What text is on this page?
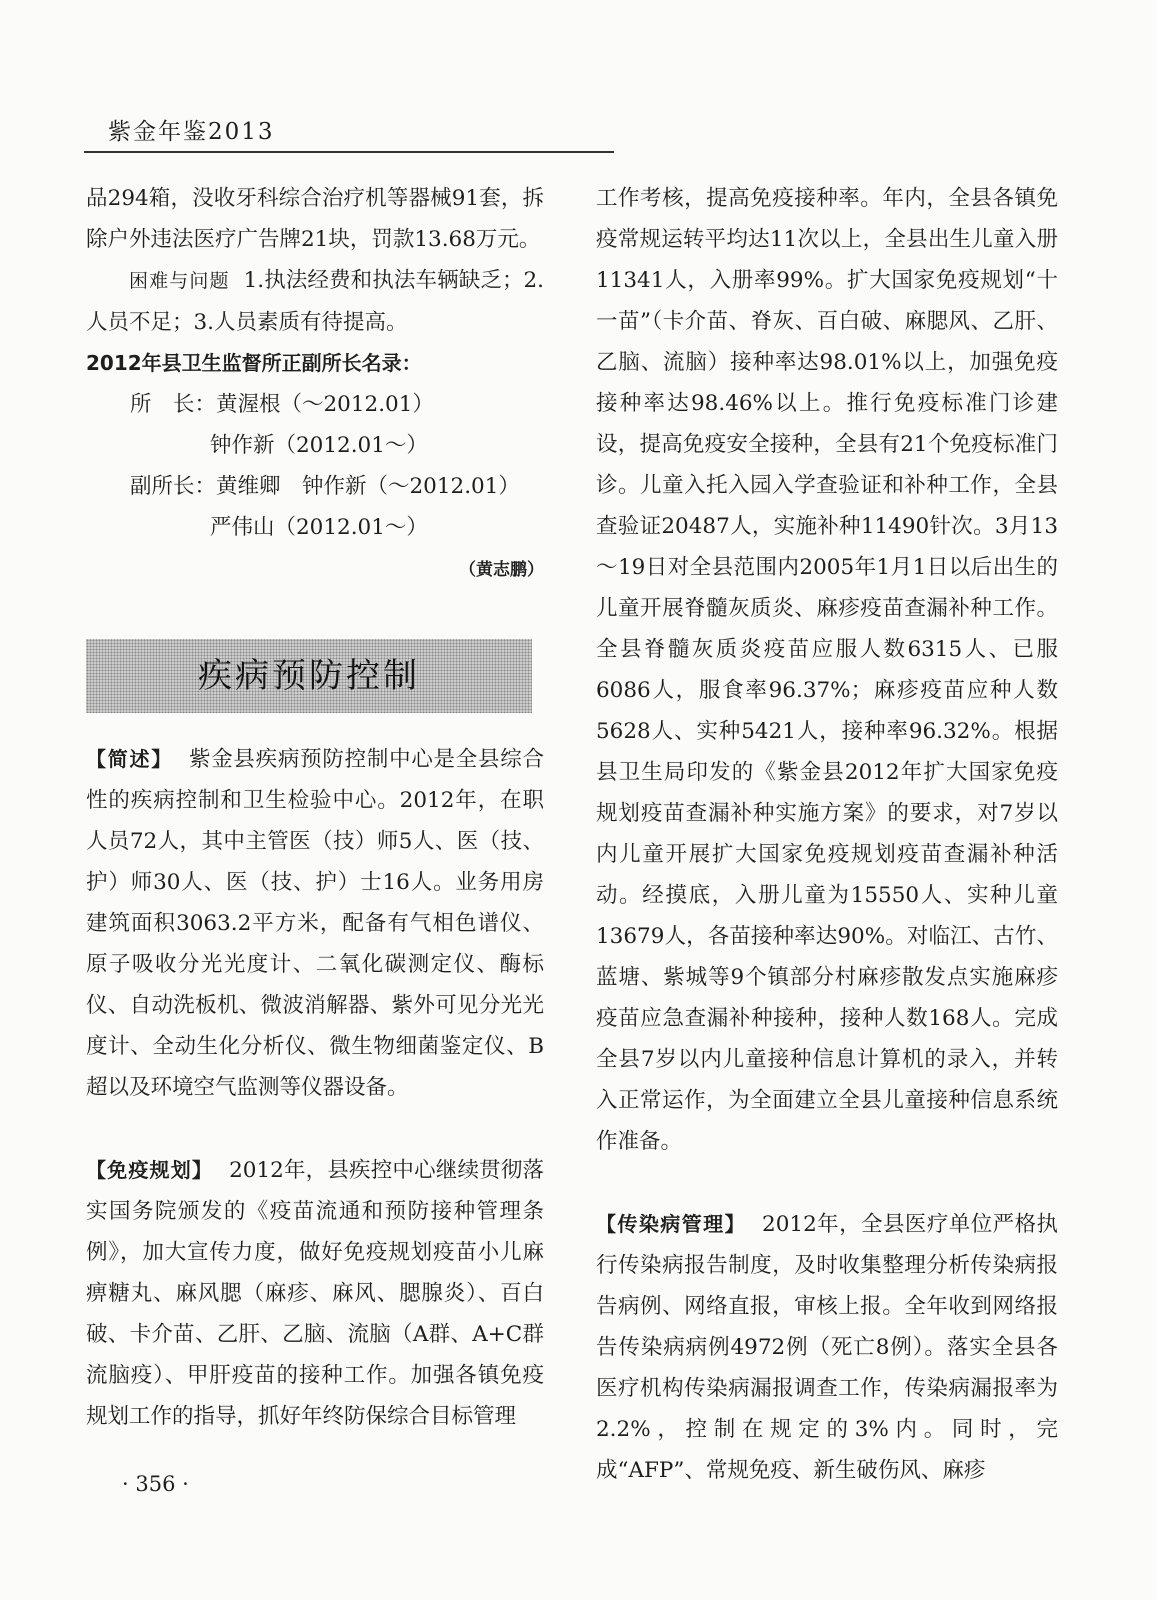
紫金年鉴2013

品294箱，没收牙科综合治疗机等器械91套，拆除户外违法医疗广告牌21块，罚款13.68万元。

困难与问题 1.执法经费和执法车辆缺乏；2.人员不足；3.人员素质有待提高。

2012年县卫生监督所正副所长名录：

所　长：黄渥根（～2012.01）

钟作新（2012.01～）

副所长：黄维卿　钟作新（～2012.01）

严伟山（2012.01～）

（黄志鹏）

疾病预防控制

【简述】 紫金县疾病预防控制中心是全县综合性的疾病控制和卫生检验中心。2012年，在职人员72人，其中主管医（技）师5人、医（技、护）师30人、医（技、护）士16人。业务用房建筑面积3063.2平方米，配备有气相色谱仪、原子吸收分光光度计、二氧化碳测定仪、酶标仪、自动洗板机、微波消解器、紫外可见分光光度计、全动生化分析仪、微生物细菌鉴定仪、B超以及环境空气监测等仪器设备。

【免疫规划】 2012年，县疾控中心继续贯彻落实国务院颁发的《疫苗流通和预防接种管理条例》，加大宣传力度，做好免疫规划疫苗小儿麻痹糖丸、麻风腮（麻疹、麻风、腮腺炎）、百白破、卡介苗、乙肝、乙脑、流脑（A群、A+C群流脑疫）、甲肝疫苗的接种工作。加强各镇免疫规划工作的指导，抓好年终防保综合目标管理

工作考核，提高免疫接种率。年内，全县各镇免疫常规运转平均达11次以上，全县出生儿童入册11341人，入册率99%。扩大国家免疫规划“十一苗”（卡介苗、脊灰、百白破、麻腮风、乙肝、乙脑、流脑）接种率达98.01%以上，加强免疫接种率达98.46%以上。推行免疫标准门诊建设，提高免疫安全接种，全县有21个免疫标准门诊。儿童入托入园入学查验证和补种工作，全县查验证20487人，实施补种11490针次。3月13～19日对全县范围内2005年1月1日以后出生的儿童开展脊髓灰质炎、麻疹疫苗查漏补种工作。全县脊髓灰质炎疫苗应服人数6315人、已服6086人，服食率96.37%；麻疹疫苗应种人数5628人、实种5421人，接种率96.32%。根据县卫生局印发的《紫金县2012年扩大国家免疫规划疫苗查漏补种实施方案》的要求，对7岁以内儿童开展扩大国家免疫规划疫苗查漏补种活动。经摸底，入册儿童为15550人、实种儿童13679人，各苗接种率达90%。对临江、古竹、蓝塘、紫城等9个镇部分村麻疹散发点实施麻疹疫苗应急查漏补种接种，接种人数168人。完成全县7岁以内儿童接种信息计算机的录入，并转入正常运作，为全面建立全县儿童接种信息系统作准备。

【传染病管理】 2012年，全县医疗单位严格执行传染病报告制度，及时收集整理分析传染病报告病例、网络直报，审核上报。全年收到网络报告传染病病例4972例（死亡8例）。落实全县各医疗机构传染病漏报调查工作，传染病漏报率为2.2%，控制在规定的3%内。同时，完成“AFP”、常规免疫、新生破伤风、麻疹

· 356 ·
